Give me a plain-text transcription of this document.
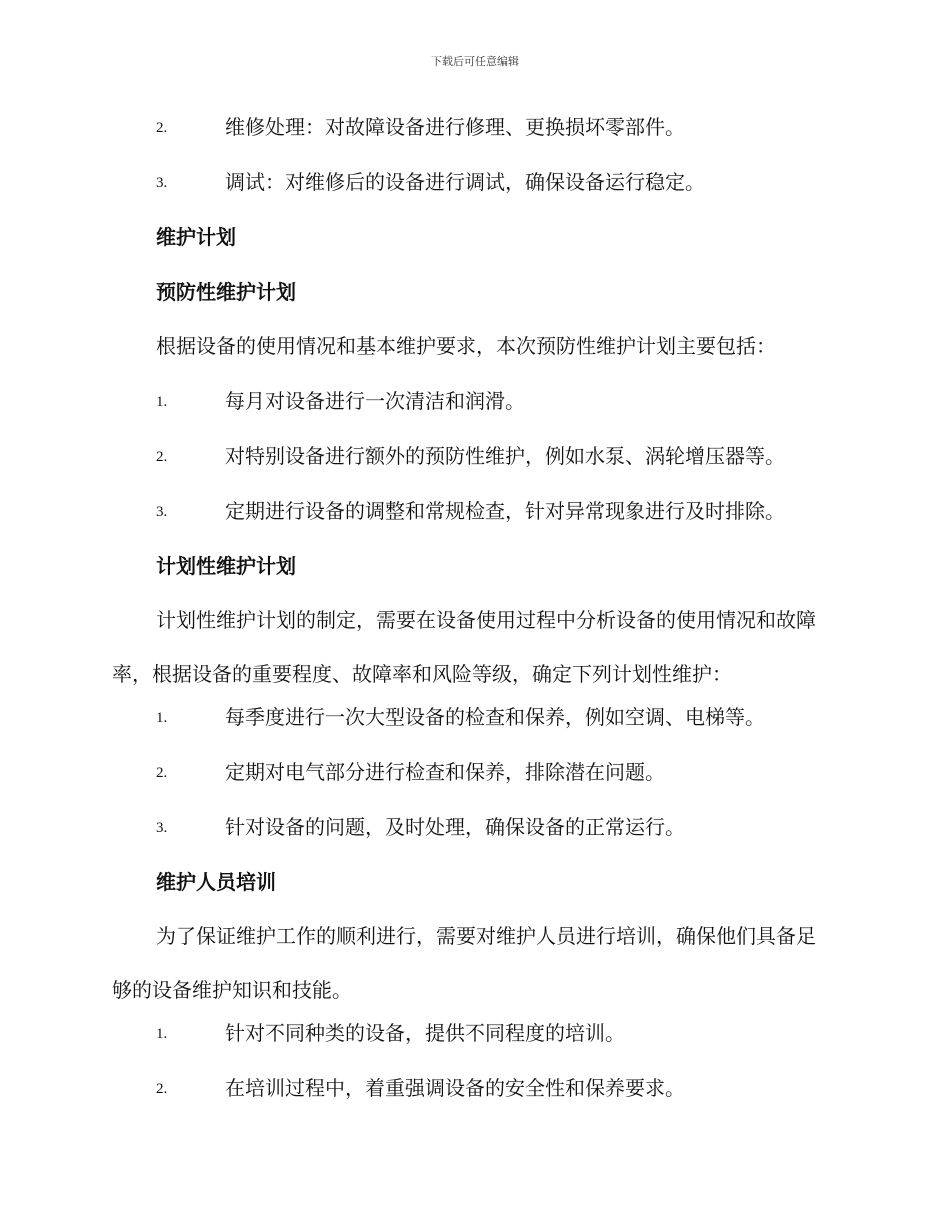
下载后可任意编辑
2.	维修处理：对故障设备进行修理、更换损坏零部件。
3.	调试：对维修后的设备进行调试，确保设备运行稳定。
维护计划
预防性维护计划
根据设备的使用情况和基本维护要求，本次预防性维护计划主要包括：
1.	每月对设备进行一次清洁和润滑。
2.	对特别设备进行额外的预防性维护，例如水泵、涡轮增压器等。
3.	定期进行设备的调整和常规检查，针对异常现象进行及时排除。
计划性维护计划
计划性维护计划的制定，需要在设备使用过程中分析设备的使用情况和故障率，根据设备的重要程度、故障率和风险等级，确定下列计划性维护：
1.	每季度进行一次大型设备的检查和保养，例如空调、电梯等。
2.	定期对电气部分进行检查和保养，排除潜在问题。
3.	针对设备的问题，及时处理，确保设备的正常运行。
维护人员培训
为了保证维护工作的顺利进行，需要对维护人员进行培训，确保他们具备足够的设备维护知识和技能。
1.	针对不同种类的设备，提供不同程度的培训。
2.	在培训过程中，着重强调设备的安全性和保养要求。
